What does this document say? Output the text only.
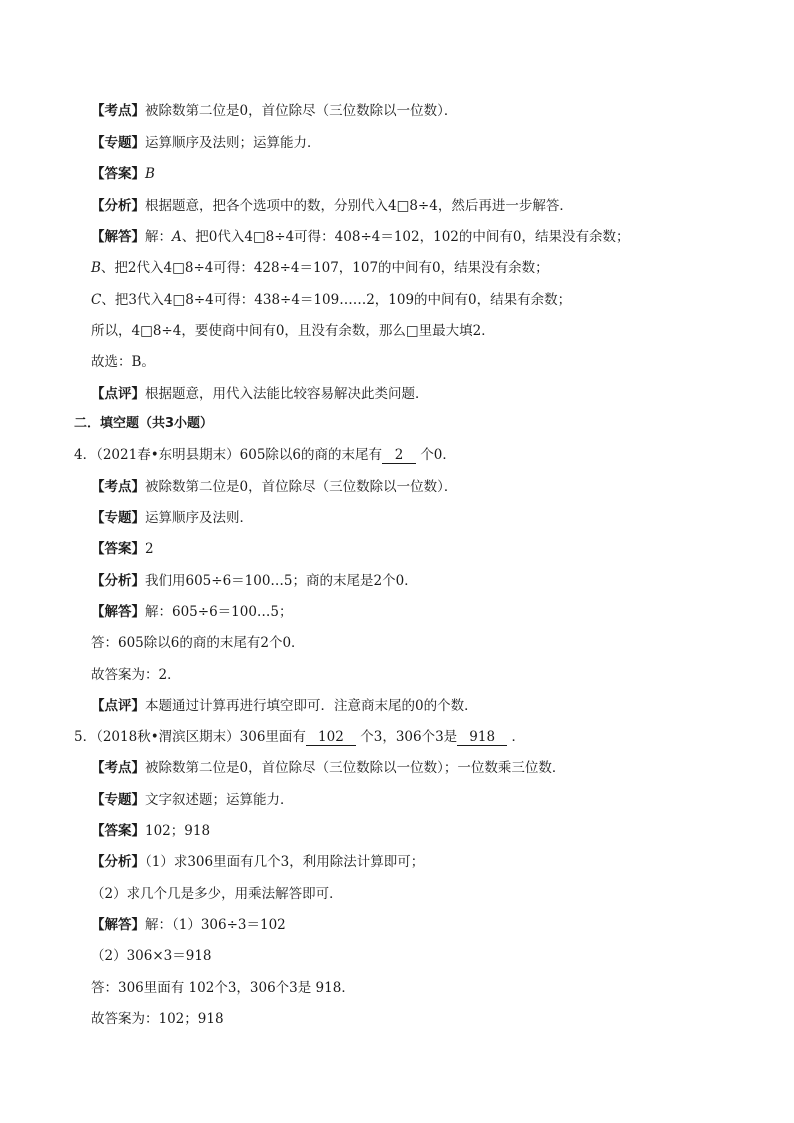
【考点】被除数第二位是0，首位除尽（三位数除以一位数）．
【专题】运算顺序及法则；运算能力．
【答案】B
【分析】根据题意，把各个选项中的数，分别代入4□8÷4，然后再进一步解答．
【解答】解：A、把0代入4□8÷4可得：408÷4＝102，102的中间有0，结果没有余数；
B、把2代入4□8÷4可得：428÷4＝107，107的中间有0，结果没有余数；
C、把3代入4□8÷4可得：438÷4＝109……2，109的中间有0，结果有余数；
所以，4□8÷4，要使商中间有0，且没有余数，那么□里最大填2．
故选：B。
【点评】根据题意，用代入法能比较容易解决此类问题．
二．填空题（共3小题）
4．（2021春•东明县期末）605除以6的商的末尾有 2 个0．
【考点】被除数第二位是0，首位除尽（三位数除以一位数）．
【专题】运算顺序及法则．
【答案】2
【分析】我们用605÷6＝100…5；商的末尾是2个0．
【解答】解：605÷6＝100…5；
答：605除以6的商的末尾有2个0．
故答案为：2．
【点评】本题通过计算再进行填空即可．注意商末尾的0的个数．
5．（2018秋•渭滨区期末）306里面有 102 个3，306个3是 918 ．
【考点】被除数第二位是0，首位除尽（三位数除以一位数）；一位数乘三位数．
【专题】文字叙述题；运算能力．
【答案】102；918
【分析】（1）求306里面有几个3，利用除法计算即可；
（2）求几个几是多少，用乘法解答即可．
【解答】解：（1）306÷3＝102
（2）306×3＝918
答：306里面有 102个3，306个3是 918．
故答案为：102；918
